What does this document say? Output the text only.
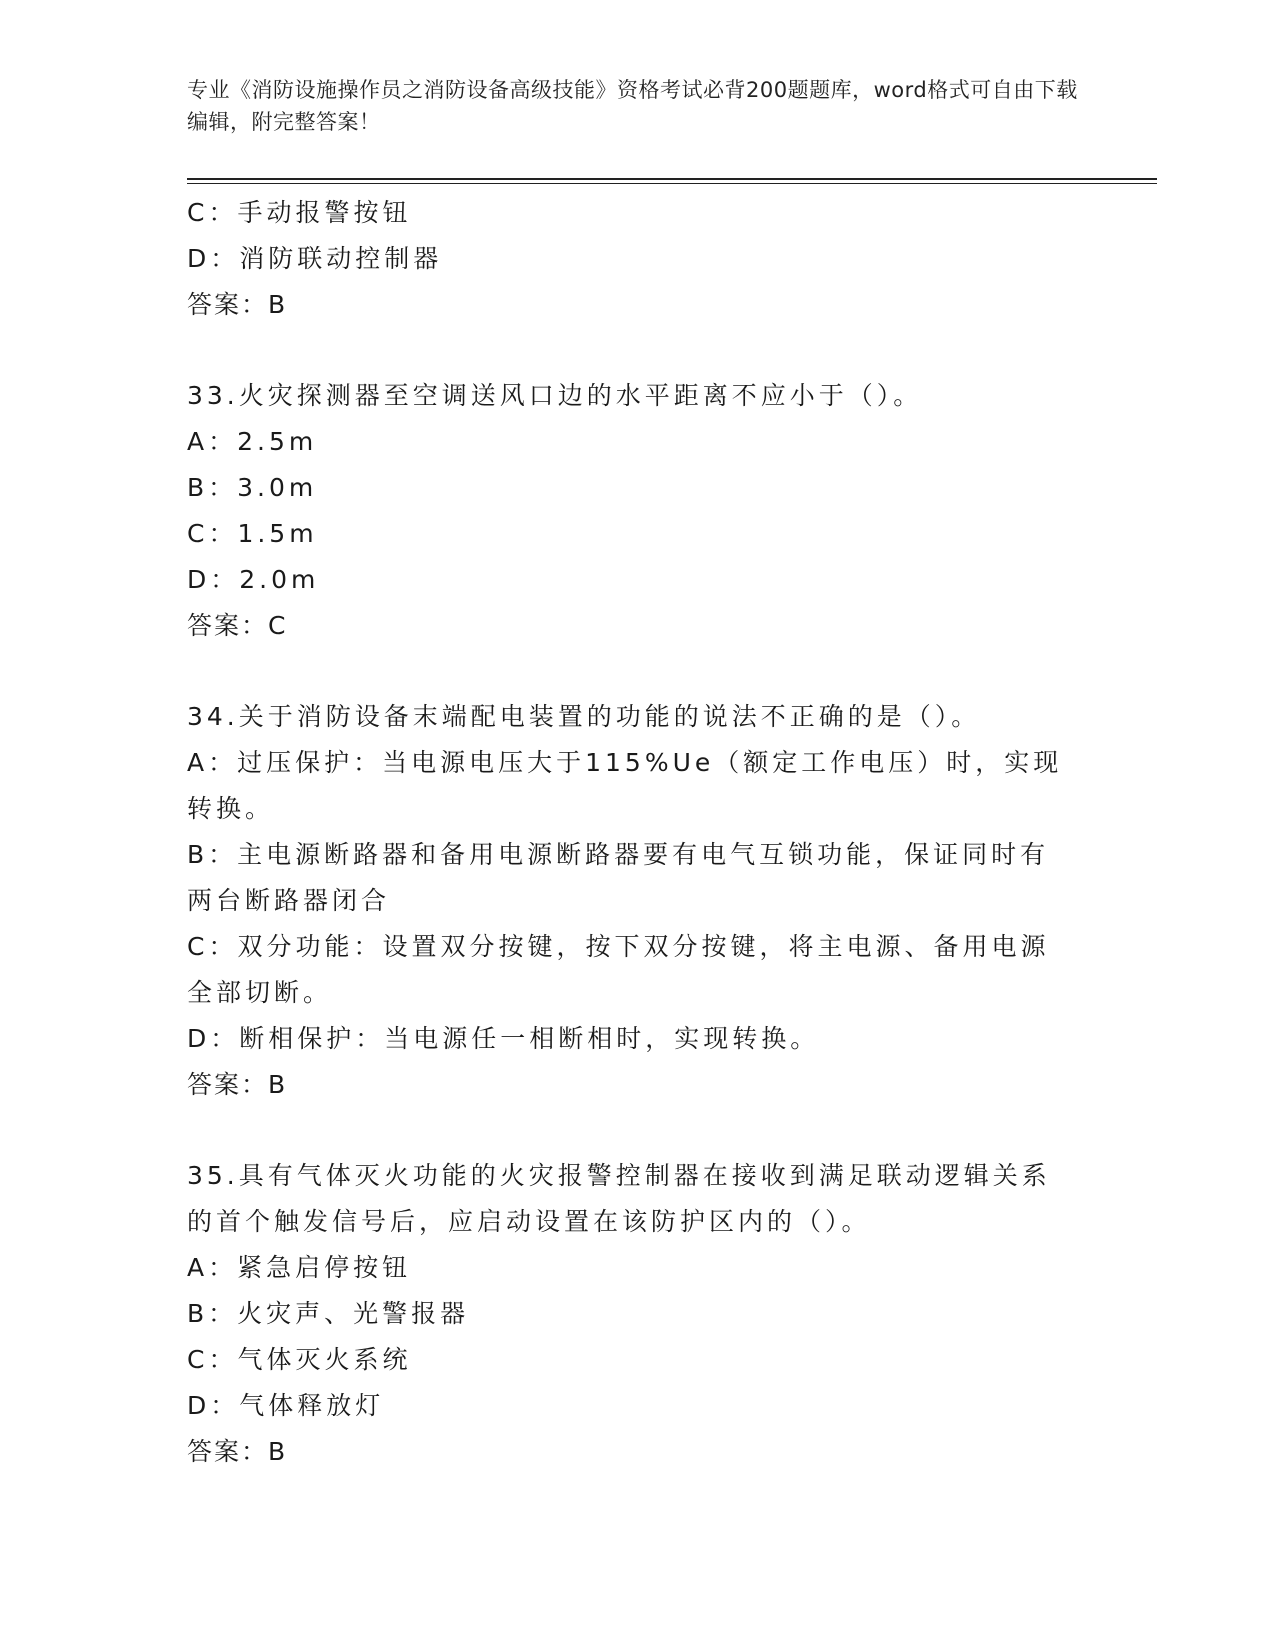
专业《消防设施操作员之消防设备高级技能》资格考试必背200题题库，word格式可自由下载编辑，附完整答案！
C：手动报警按钮
D：消防联动控制器
答案：B
33.火灾探测器至空调送风口边的水平距离不应小于（）。
A：2.5m
B：3.0m
C：1.5m
D：2.0m
答案：C
34.关于消防设备末端配电装置的功能的说法不正确的是（）。
A：过压保护：当电源电压大于115%Ue（额定工作电压）时，实现转换。
B：主电源断路器和备用电源断路器要有电气互锁功能，保证同时有两台断路器闭合
C：双分功能：设置双分按键，按下双分按键，将主电源、备用电源全部切断。
D：断相保护：当电源任一相断相时，实现转换。
答案：B
35.具有气体灭火功能的火灾报警控制器在接收到满足联动逻辑关系的首个触发信号后，应启动设置在该防护区内的（）。
A：紧急启停按钮
B：火灾声、光警报器
C：气体灭火系统
D：气体释放灯
答案：B
